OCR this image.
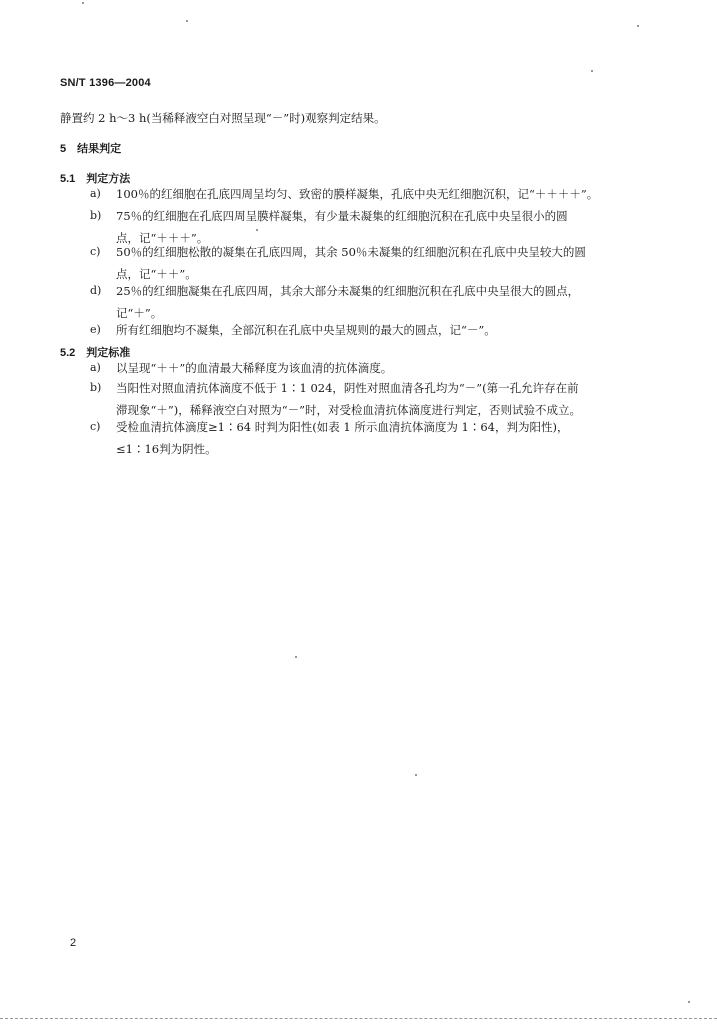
SN/T 1396—2004
静置约 2 h～3 h(当稀释液空白对照呈现“－”时)观察判定结果。
5　结果判定
5.1　判定方法
a) 100％的红细胞在孔底四周呈均匀、致密的膜样凝集，孔底中央无红细胞沉积，记“＋＋＋＋”。
b) 75％的红细胞在孔底四周呈膜样凝集，有少量未凝集的红细胞沉积在孔底中央呈很小的圆
点，记“＋＋＋”。
c) 50％的红细胞松散的凝集在孔底四周，其余 50％未凝集的红细胞沉积在孔底中央呈较大的圆
点，记“＋＋”。
d) 25％的红细胞凝集在孔底四周，其余大部分未凝集的红细胞沉积在孔底中央呈很大的圆点，
记“＋”。
e) 所有红细胞均不凝集，全部沉积在孔底中央呈规则的最大的圆点，记“－”。
5.2　判定标准
a) 以呈现“＋＋”的血清最大稀释度为该血清的抗体滴度。
b) 当阳性对照血清抗体滴度不低于 1∶1 024，阴性对照血清各孔均为“－”(第一孔允许存在前
滞现象“＋”)，稀释液空白对照为“－”时，对受检血清抗体滴度进行判定，否则试验不成立。
c) 受检血清抗体滴度≥1∶64 时判为阳性(如表 1 所示血清抗体滴度为 1∶64，判为阳性)，
≤1∶16判为阴性。
2
